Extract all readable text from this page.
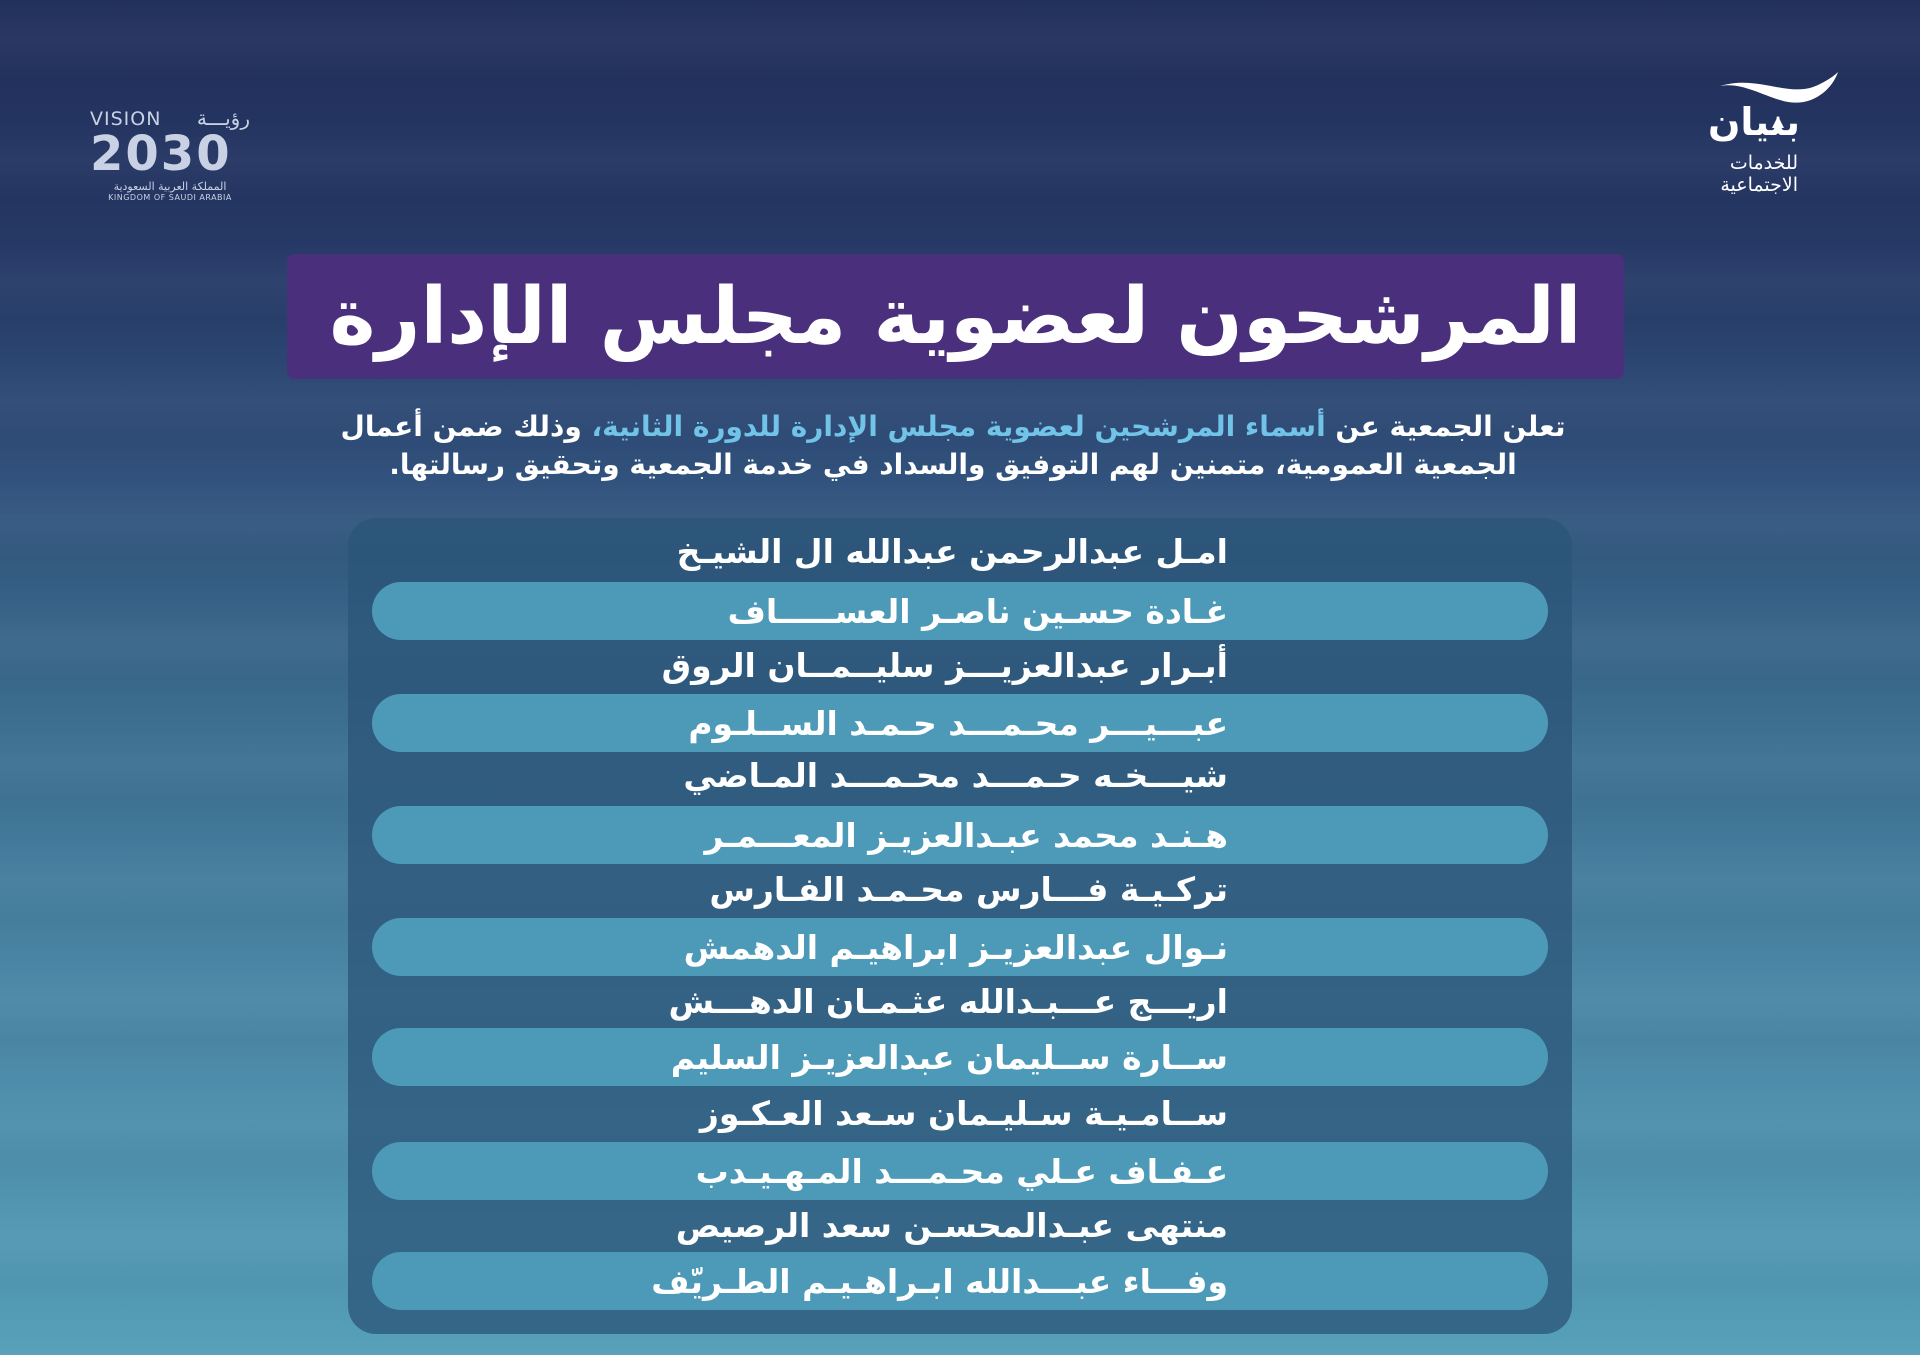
VISION رؤيـــة
2030
المملكة العربية السعودية
KINGDOM OF SAUDI ARABIA
بنيان
للخدمات
الاجتماعية
المرشحون لعضوية مجلس الإدارة
تعلن الجمعية عن أسماء المرشحين لعضوية مجلس الإدارة للدورة الثانية، وذلك ضمن أعمال الجمعية العمومية، متمنين لهم التوفيق والسداد في خدمة الجمعية وتحقيق رسالتها.
امـل عبدالرحمن عبدالله ال الشيـخ
غـادة حسـين ناصـر العســـــاف
أبـرار عبدالعزيـــز سليــمــان الروق
عبـــيـــر محـمـــد حـمـد الســلـوم
شيـــخـه حـمـــد محـمـــد المـاضي
هـنـد محمد عبـدالعزيـز المعـــمـر
تركـيـة فـــارس محـمـد الفـارس
نـوال عبدالعزيـز ابراهيـم الدهمش
اريـــج عـــبـدالله عثـمـان الدهـــش
ســارة ســليمان عبدالعزيـز السليم
ســامـيـة سـليـمان سـعد العـكـوز
عـفـاف عـلي محـمـــد المـهـيـدب
منتهى عبـدالمحسـن سعد الرصيص
وفـــاء عبـــدالله ابـراهـيـم الطـريّف
